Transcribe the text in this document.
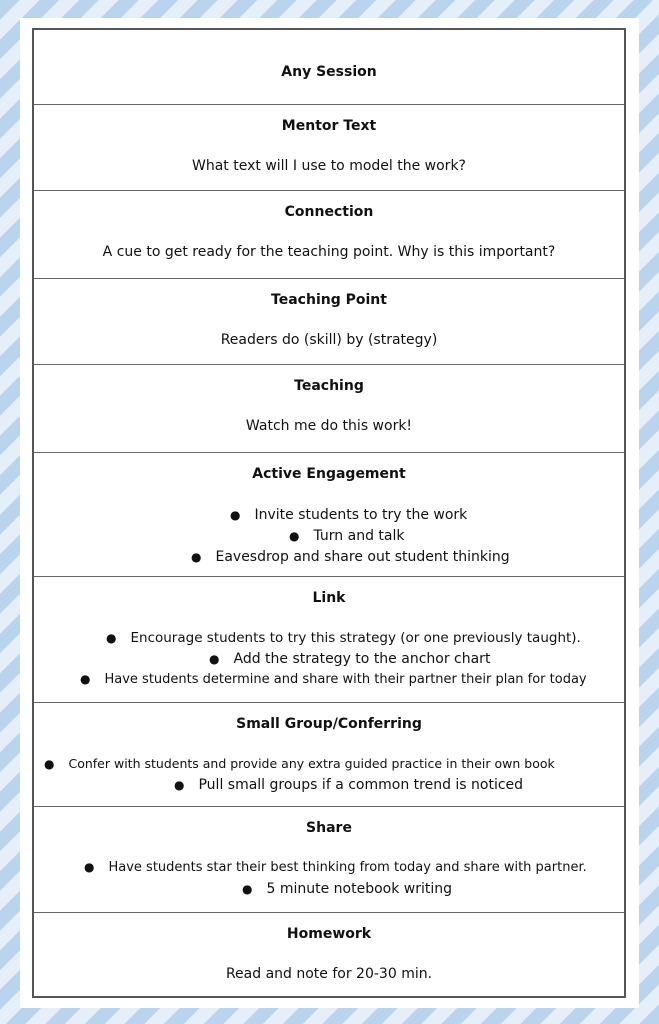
Any Session
Mentor Text
What text will I use to model the work?
Connection
A cue to get ready for the teaching point. Why is this important?
Teaching Point
Readers do (skill) by (strategy)
Teaching
Watch me do this work!
Active Engagement
● Invite students to try the work
● Turn and talk
● Eavesdrop and share out student thinking
Link
● Encourage students to try this strategy (or one previously taught).
● Add the strategy to the anchor chart
● Have students determine and share with their partner their plan for today
Small Group/Conferring
● Confer with students and provide any extra guided practice in their own book
● Pull small groups if a common trend is noticed
Share
● Have students star their best thinking from today and share with partner.
● 5 minute notebook writing
Homework
Read and note for 20-30 min.
